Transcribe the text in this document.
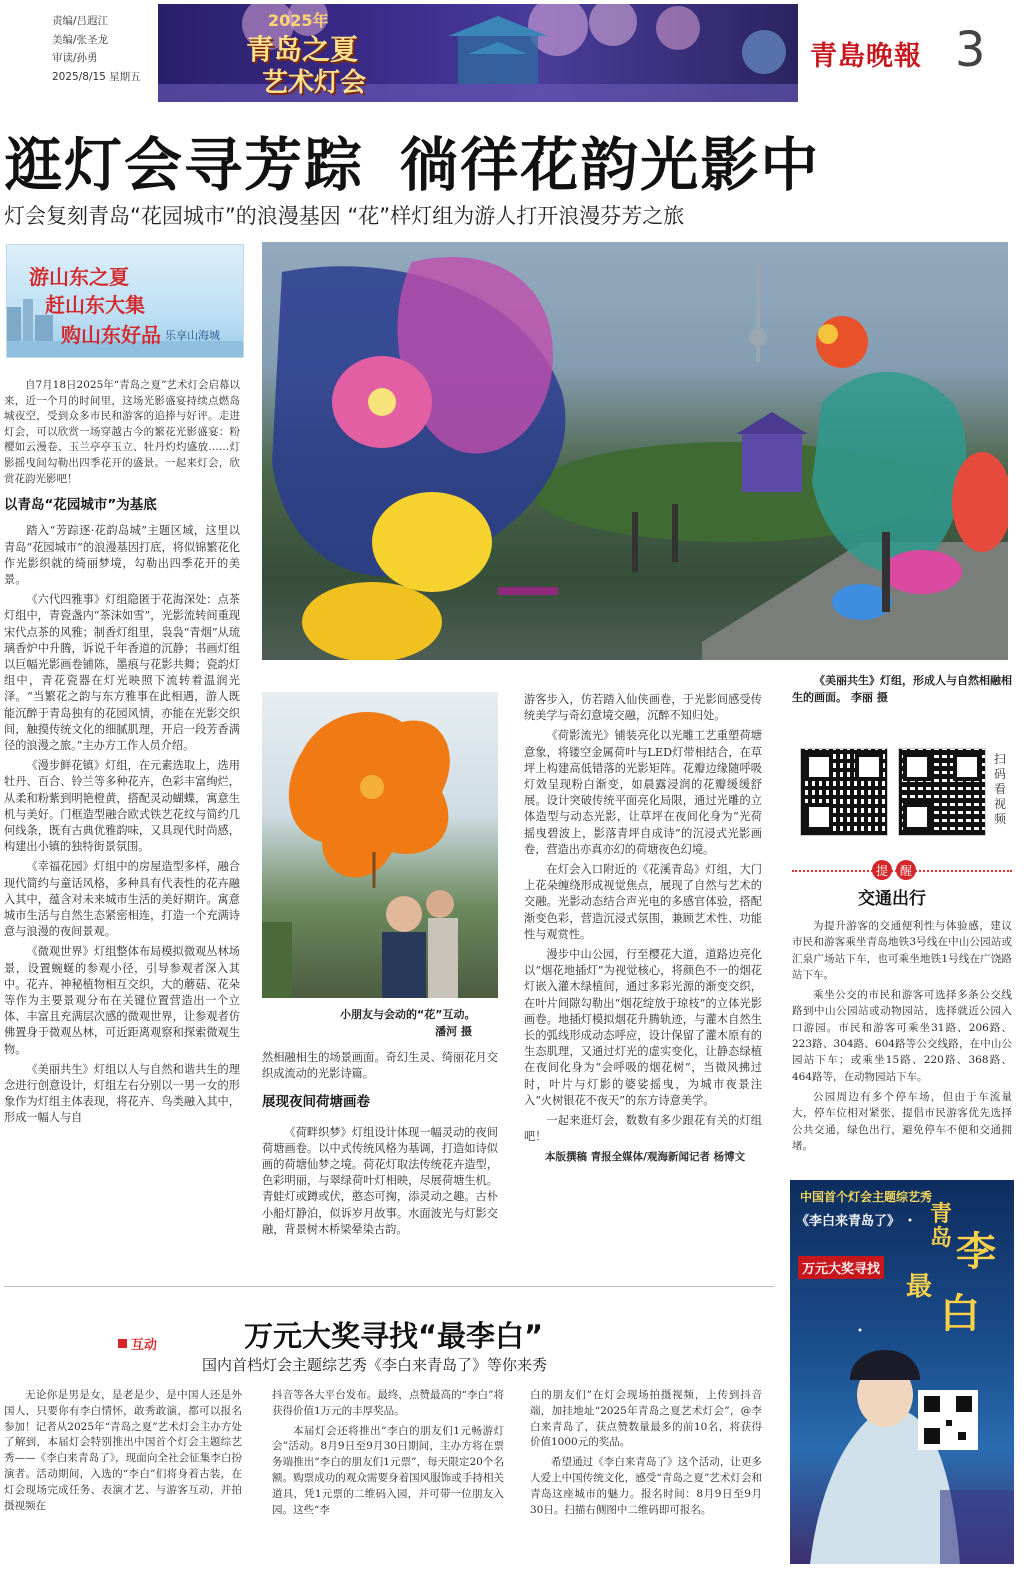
责编/吕遐江
美编/张圣龙
审读/孙勇
2025/8/15 星期五
2025年
青岛之夏
艺术灯会
青島晚報 3
逛灯会寻芳踪 徜徉花韵光影中
灯会复刻青岛“花园城市”的浪漫基因 “花”样灯组为游人打开浪漫芬芳之旅
游山东之夏
赶山东大集
购山东好品 乐享山海城
《美丽共生》灯组，形成人与自然相融相生的画面。 李丽 摄

自7月18日2025年“青岛之夏”艺术灯会启幕以来，近一个月的时间里，这场光影盛宴持续点燃岛城夜空，受到众多市民和游客的追捧与好评。走进灯会，可以欣赏一场穿越古今的繁花光影盛宴：粉樱如云漫卷、玉兰亭亭玉立、牡丹灼灼盛放……灯影摇曳间勾勒出四季花开的盛景。一起来灯会，欣赏花韵光影吧！

以青岛“花园城市”为基底

踏入“芳踪逐·花韵岛城”主题区域，这里以青岛“花园城市”的浪漫基因打底，将似锦繁花化作光影织就的绮丽梦境，勾勒出四季花开的美景。

《六代四雅事》灯组隐匿于花海深处：点茶灯组中，青瓷盏内“茶沫如雪”，光影流转间重现宋代点茶的风雅；制香灯组里，袅袅“青烟”从琉璃香炉中升腾，诉说千年香道的沉静；书画灯组以巨幅光影画卷铺陈，墨痕与花影共舞；瓷韵灯组中，青花瓷器在灯光映照下流转着温润光泽。“当繁花之韵与东方雅事在此相遇，游人既能沉醉于青岛独有的花园风情，亦能在光影交织间，触摸传统文化的细腻肌理，开启一段芳香满径的浪漫之旅。”主办方工作人员介绍。

《漫步鲜花镇》灯组，在元素选取上，选用牡丹、百合、铃兰等多种花卉，色彩丰富绚烂，从柔和粉紫到明艳橙黄，搭配灵动蝴蝶，寓意生机与美好。门框造型融合欧式铁艺花纹与简约几何线条，既有古典优雅韵味，又具现代时尚感，构建出小镇的独特街景氛围。

《幸福花园》灯组中的房屋造型多样，融合现代简约与童话风格，多种具有代表性的花卉融入其中，蕴含对未来城市生活的美好期许。寓意城市生活与自然生态紧密相连，打造一个充满诗意与浪漫的夜间景观。

《微观世界》灯组整体布局模拟微观丛林场景，设置蜿蜒的参观小径，引导参观者深入其中。花卉、神秘植物相互交织，大的蘑菇、花朵等作为主要景观分布在关键位置营造出一个立体、丰富且充满层次感的微观世界，让参观者仿佛置身于微观丛林，可近距离观察和探索微观生物。

《美丽共生》灯组以人与自然和谐共生的理念进行创意设计，灯组左右分别以一男一女的形象作为灯组主体表现，将花卉、鸟类融入其中，形成一幅人与自

小朋友与会动的“花”互动。
潘河 摄

然相融相生的场景画面。奇幻生灵、绮丽花月交织成流动的光影诗篇。

展现夜间荷塘画卷

《荷畔织梦》灯组设计体现一幅灵动的夜间荷塘画卷。以中式传统风格为基调，打造如诗似画的荷塘仙梦之境。荷花灯取法传统花卉造型，色彩明丽，与翠绿荷叶灯相映，尽展荷塘生机。青蛙灯或蹲或伏，憨态可掬，添灵动之趣。古朴小船灯静泊，似诉岁月故事。水面波光与灯影交融，背景树木桥梁晕染古韵。

游客步入，仿若踏入仙侠画卷，于光影间感受传统美学与奇幻意境交融，沉醉不知归处。

《荷影流光》铺装亮化以光雕工艺重塑荷塘意象，将镂空金属荷叶与LED灯带相结合，在草坪上构建高低错落的光影矩阵。花瓣边缘随呼吸灯效呈现粉白渐变，如晨露浸润的花瓣缓缓舒展。设计突破传统平面亮化局限，通过光雕的立体造型与动态光影，让草坪在夜间化身为“光荷摇曳碧波上，影落青坪自成诗”的沉浸式光影画卷，营造出亦真亦幻的荷塘夜色幻境。

在灯会入口附近的《花溪青岛》灯组，大门上花朵缠绕形成视觉焦点，展现了自然与艺术的交融。光影动态结合声光电的多感官体验，搭配渐变色彩，营造沉浸式氛围，兼顾艺术性、功能性与观赏性。

漫步中山公园，行至樱花大道，道路边亮化以“烟花地插灯”为视觉核心，将颜色不一的烟花灯嵌入灌木绿植间，通过多彩光源的渐变交织，在叶片间隙勾勒出“烟花绽放于琼枝”的立体光影画卷。地插灯模拟烟花升腾轨迹，与灌木自然生长的弧线形成动态呼应，设计保留了灌木原有的生态肌理，又通过灯光的虚实变化，让静态绿植在夜间化身为“会呼吸的烟花树”，当微风拂过时，叶片与灯影的婆娑摇曳，为城市夜景注入“火树银花不夜天”的东方诗意美学。

一起来逛灯会，数数有多少跟花有关的灯组吧！

本版撰稿 青报全媒体/观海新闻记者 杨博文

扫码看视频
提 醒
交通出行

为提升游客的交通便利性与体验感，建议市民和游客乘坐青岛地铁3号线在中山公园站或汇泉广场站下车，也可乘坐地铁1号线在广饶路站下车。

乘坐公交的市民和游客可选择多条公交线路到中山公园站或动物园站，选择就近公园入口游园。市民和游客可乘坐31路、206路、223路、304路、604路等公交线路，在中山公园站下车；或乘坐15路、220路、368路、464路等，在动物园站下车。

公园周边有多个停车场，但由于车流量大，停车位相对紧张，提倡市民游客优先选择公共交通，绿色出行，避免停车不便和交通拥堵。

中国首个灯会主题综艺秀
《李白来青岛了》
万元大奖寻找
青岛
最
李
白
互动	万元大奖寻找“最李白”
国内首档灯会主题综艺秀《李白来青岛了》等你来秀

无论你是男是女，是老是少，是中国人还是外国人，只要你有李白情怀，敢秀敢演，都可以报名参加！记者从2025年“青岛之夏”艺术灯会主办方处了解到，本届灯会特别推出中国首个灯会主题综艺秀——《李白来青岛了》，现面向全社会征集李白扮演者。活动期间，入选的“李白”们将身着古装，在灯会现场完成任务、表演才艺、与游客互动，并拍摄视频在

抖音等各大平台发布。最终，点赞最高的“李白”将获得价值1万元的丰厚奖品。

本届灯会还将推出“李白的朋友们1元畅游灯会”活动。8月9日至9月30日期间，主办方将在票务端推出“李白的朋友们1元票”，每天限定20个名额。购票成功的观众需要身着国风服饰或手持相关道具，凭1元票的二维码入园，并可带一位朋友入园。这些“李

白的朋友们”在灯会现场拍摄视频，上传到抖音端，加挂地址“2025年青岛之夏艺术灯会”，@李白来青岛了，获点赞数量最多的前10名，将获得价值1000元的奖品。

希望通过《李白来青岛了》这个活动，让更多人爱上中国传统文化，感受“青岛之夏”艺术灯会和青岛这座城市的魅力。报名时间：8月9日至9月30日。扫描右侧图中二维码即可报名。
